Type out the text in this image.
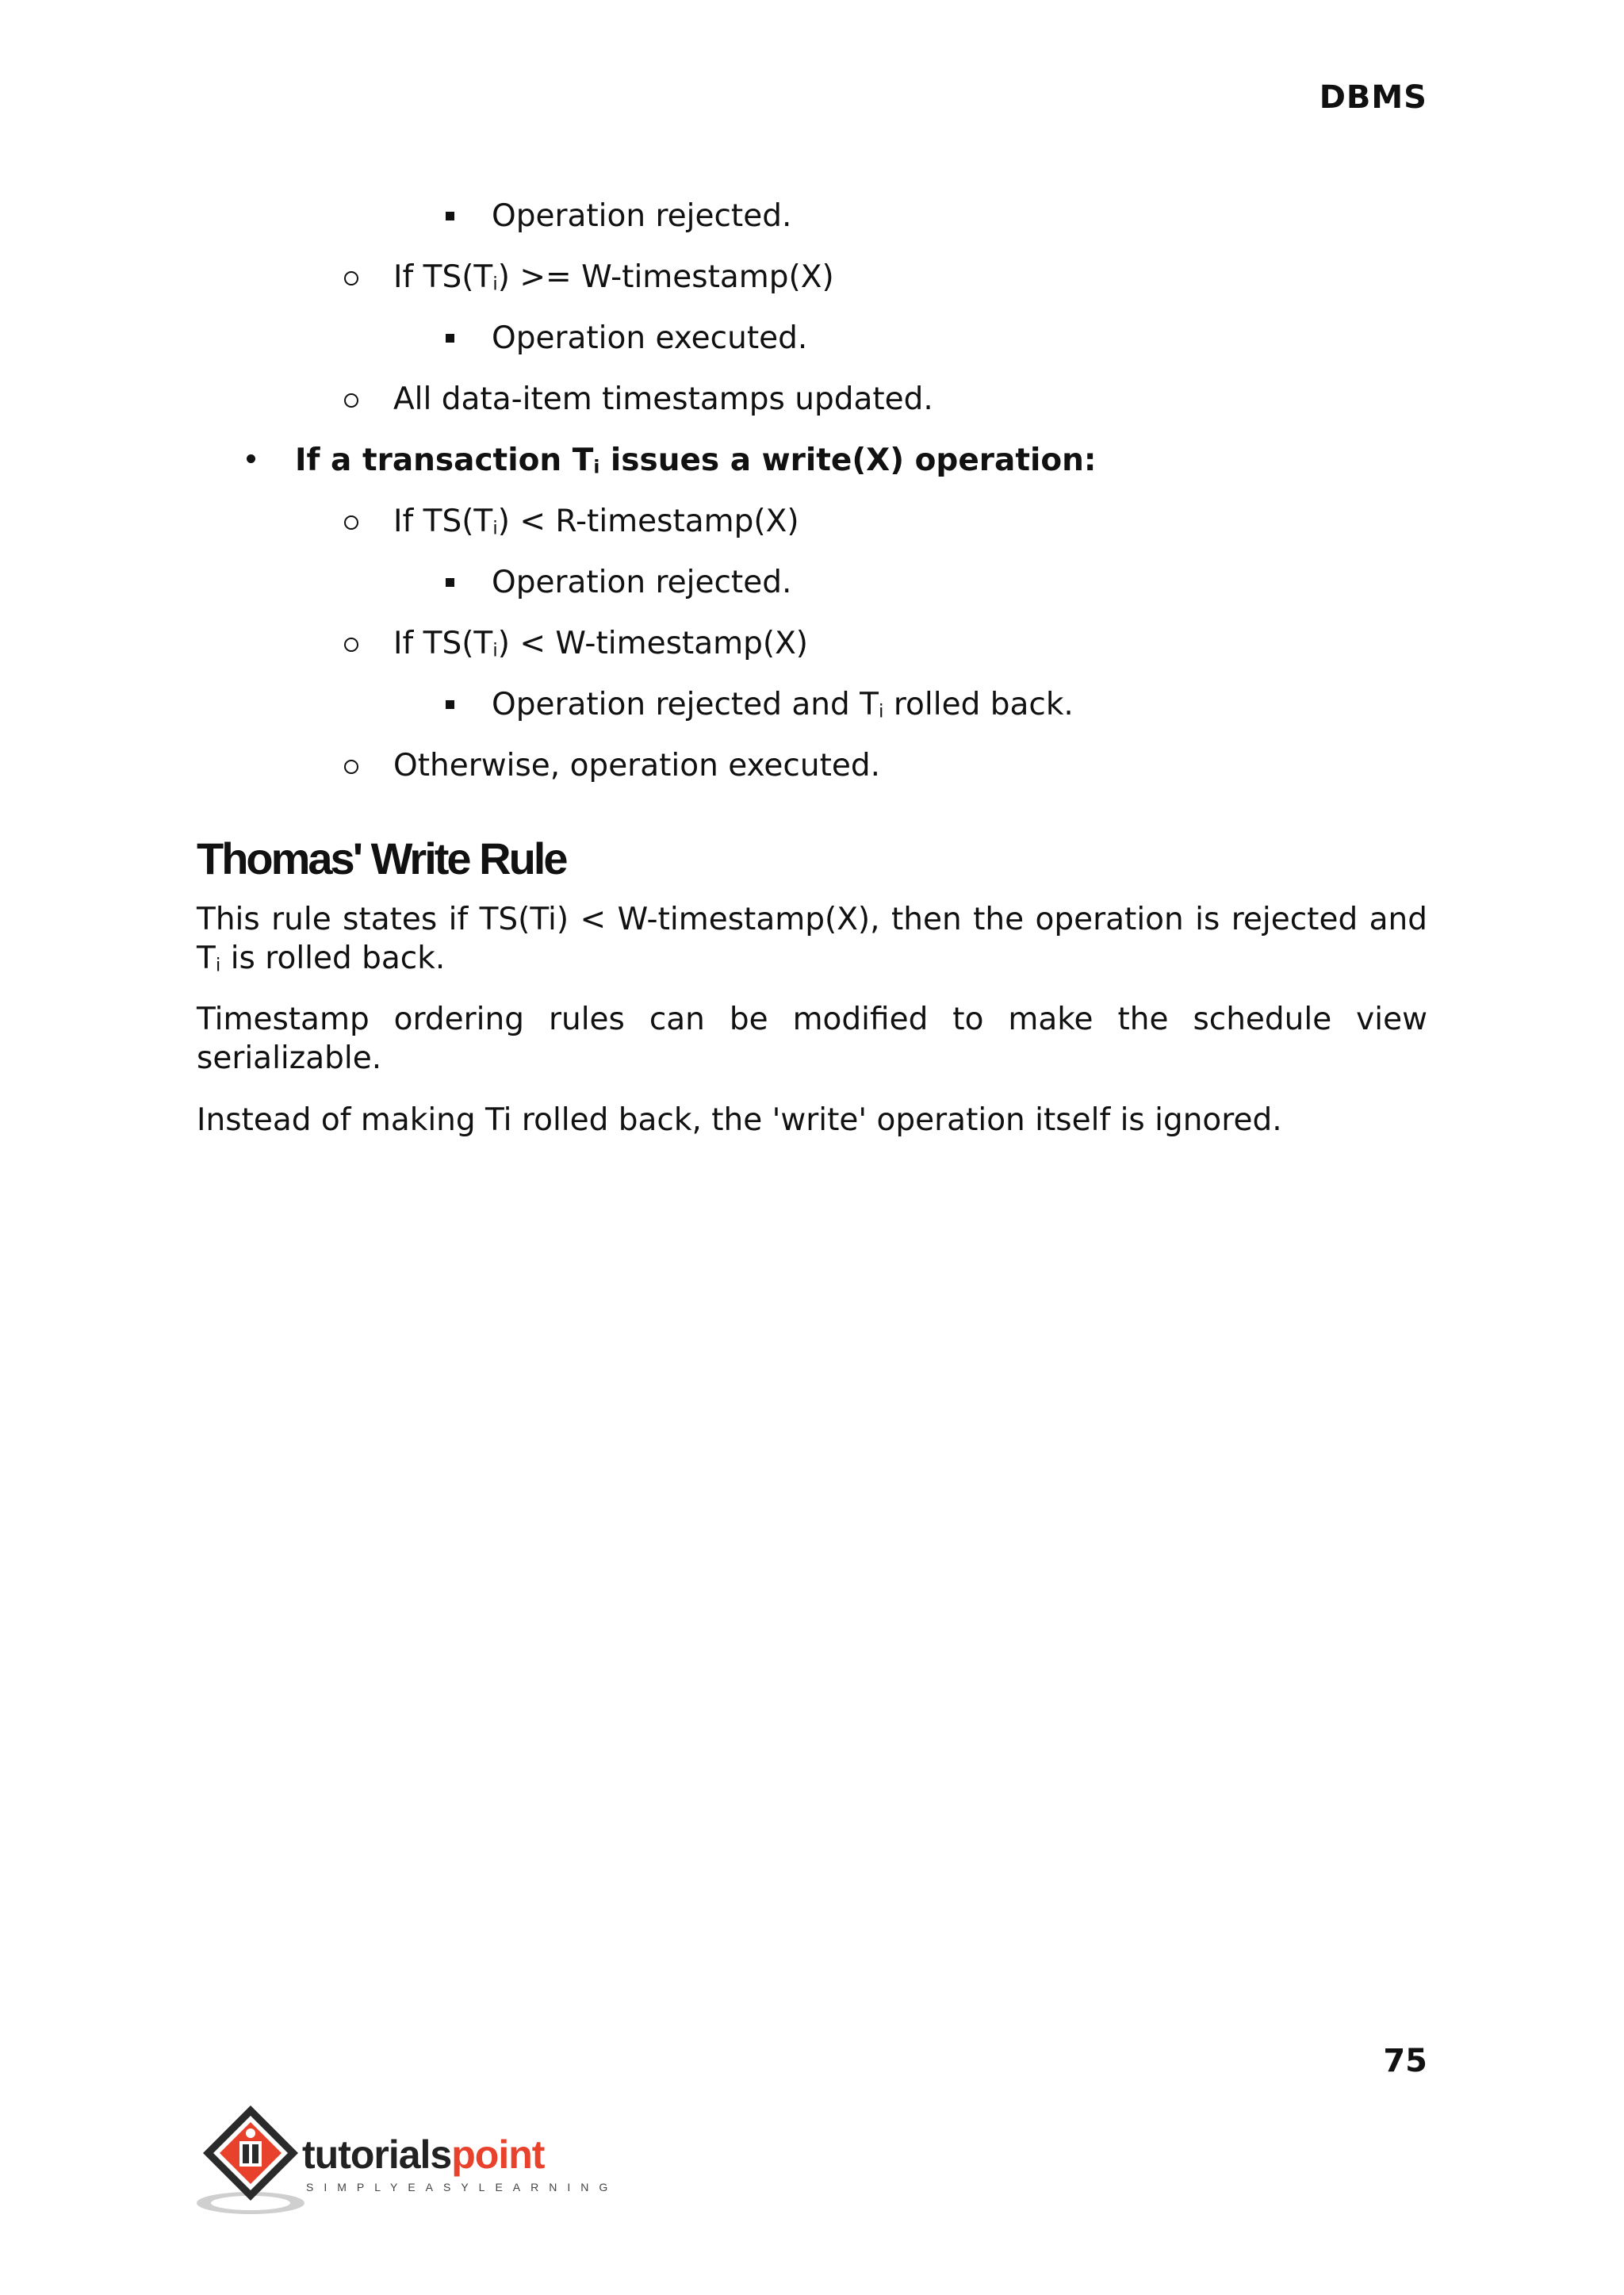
DBMS
Operation rejected.
If $TS(T_i)$ >= W-timestamp(X)
Operation executed.
All data-item timestamps updated.
If a transaction $T_i$ issues a write(X) operation:
If $TS(T_i)$ < R-timestamp(X)
Operation rejected.
If $TS(T_i)$ < W-timestamp(X)
Operation rejected and $T_i$ rolled back.
Otherwise, operation executed.
Thomas' Write Rule
This rule states if TS(Ti) < W-timestamp(X), then the operation is rejected and $T_i$ is rolled back.
Timestamp ordering rules can be modified to make the schedule view serializable.
Instead of making Ti rolled back, the 'write' operation itself is ignored.
75
tutorialspoint
SIMPLYEASYLEARNING
